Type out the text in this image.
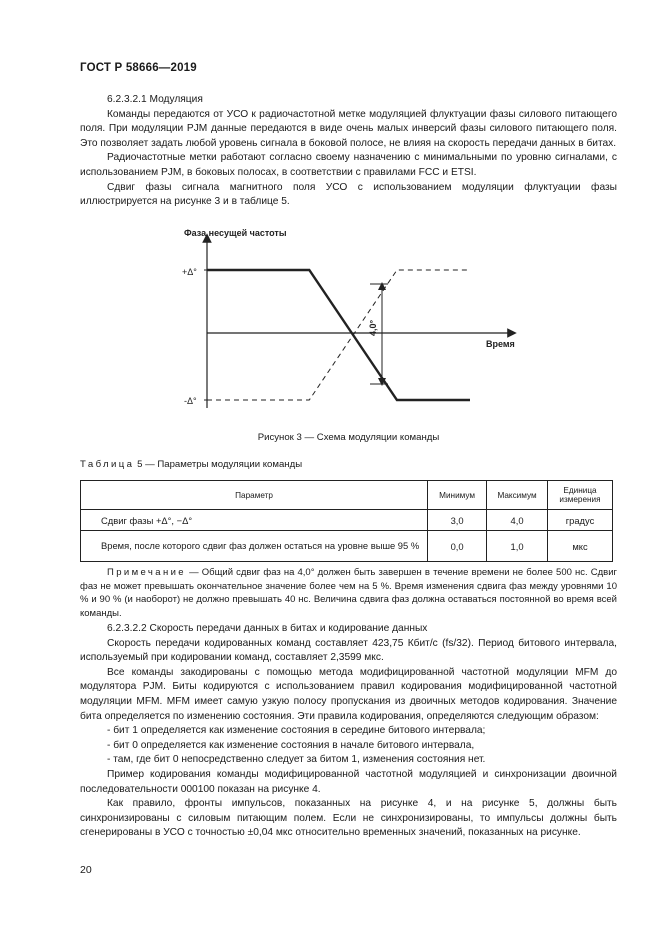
ГОСТ Р 58666—2019

6.2.3.2.1 Модуляция

Команды передаются от УСО к радиочастотной метке модуляцией флуктуации фазы силового питающего поля. При модуляции PJM данные передаются в виде очень малых инверсий фазы силового питающего поля. Это позволяет задать любой уровень сигнала в боковой полосе, не влияя на скорость передачи данных в битах.

Радиочастотные метки работают согласно своему назначению с минимальными по уровню сигналами, с использованием PJM, в боковых полосах, в соответствии с правилами FCC и ETSI.

Сдвиг фазы сигнала магнитного поля УСО с использованием модуляции флуктуации фазы иллюстрируется на рисунке 3 и в таблице 5.

Фаза несущей частоты
Время
+Δ°
-Δ°
4,0°
Рисунок 3 — Схема модуляции команды
Таблица 5 — Параметры модуляции команды
Параметр	Минимум	Максимум	Единица измерения
Сдвиг фазы +Δ°, −Δ°	3,0	4,0	градус
Время, после которого сдвиг фаз должен остаться на уровне выше 95 %	0,0	1,0	мкс
Примечание — Общий сдвиг фаз на 4,0° должен быть завершен в течение времени не более 500 нс. Сдвиг фаз не может превышать окончательное значение более чем на 5 %. Время изменения сдвига фаз между уровнями 10 % и 90 % (и наоборот) не должно превышать 40 нс. Величина сдвига фаз должна оставаться постоянной во время всей команды.

6.2.3.2.2 Скорость передачи данных в битах и кодирование данных

Скорость передачи кодированных команд составляет 423,75 Кбит/с (fs/32). Период битового интервала, используемый при кодировании команд, составляет 2,3599 мкс.

Все команды закодированы с помощью метода модифицированной частотной модуляции MFM до модулятора PJM. Биты кодируются с использованием правил кодирования модифицированной частотной модуляции MFM. MFM имеет самую узкую полосу пропускания из двоичных методов кодирования. Значение бита определяется по изменению состояния. Эти правила кодирования, определяются следующим образом:

- бит 1 определяется как изменение состояния в середине битового интервала;

- бит 0 определяется как изменение состояния в начале битового интервала,

- там, где бит 0 непосредственно следует за битом 1, изменения состояния нет.

Пример кодирования команды модифицированной частотной модуляцией и синхронизации двоичной последовательности 000100 показан на рисунке 4.

Как правило, фронты импульсов, показанных на рисунке 4, и на рисунке 5, должны быть синхронизированы с силовым питающим полем. Если не синхронизированы, то импульсы должны быть сгенерированы в УСО с точностью ±0,04 мкс относительно временных значений, показанных на рисунке.

20
